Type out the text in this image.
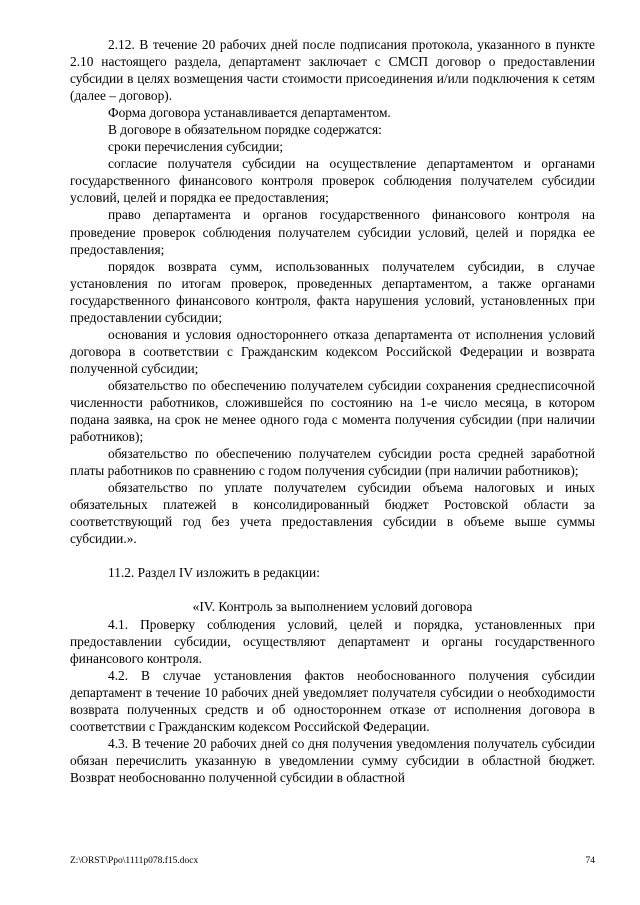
2.12. В течение 20 рабочих дней после подписания протокола, указанного в пункте 2.10 настоящего раздела, департамент заключает с СМСП договор о предоставлении субсидии в целях возмещения части стоимости присоединения и/или подключения к сетям (далее – договор).

Форма договора устанавливается департаментом.

В договоре в обязательном порядке содержатся:

сроки перечисления субсидии;

согласие получателя субсидии на осуществление департаментом и органами государственного финансового контроля проверок соблюдения получателем субсидии условий, целей и порядка ее предоставления;

право департамента и органов государственного финансового контроля на проведение проверок соблюдения получателем субсидии условий, целей и порядка ее предоставления;

порядок возврата сумм, использованных получателем субсидии, в случае установления по итогам проверок, проведенных департаментом, а также органами государственного финансового контроля, факта нарушения условий, установленных при предоставлении субсидии;

основания и условия одностороннего отказа департамента от исполнения условий договора в соответствии с Гражданским кодексом Российской Федерации и возврата полученной субсидии;

обязательство по обеспечению получателем субсидии сохранения среднесписочной численности работников, сложившейся по состоянию на 1-е число месяца, в котором подана заявка, на срок не менее одного года с момента получения субсидии (при наличии работников);

обязательство по обеспечению получателем субсидии роста средней заработной платы работников по сравнению с годом получения субсидии (при наличии работников);

обязательство по уплате получателем субсидии объема налоговых и иных обязательных платежей в консолидированный бюджет Ростовской области за соответствующий год без учета предоставления субсидии в объеме выше суммы субсидии.».

11.2. Раздел IV изложить в редакции:

«IV. Контроль за выполнением условий договора

4.1. Проверку соблюдения условий, целей и порядка, установленных при предоставлении субсидии, осуществляют департамент и органы государственного финансового контроля.

4.2. В случае установления фактов необоснованного получения субсидии департамент в течение 10 рабочих дней уведомляет получателя субсидии о необходимости возврата полученных средств и об одностороннем отказе от исполнения договора в соответствии с Гражданским кодексом Российской Федерации.

4.3. В течение 20 рабочих дней со дня получения уведомления получатель субсидии обязан перечислить указанную в уведомлении сумму субсидии в областной бюджет. Возврат необоснованно полученной субсидии в областной

Z:\ORST\Ppo\1111p078.f15.docx	74
